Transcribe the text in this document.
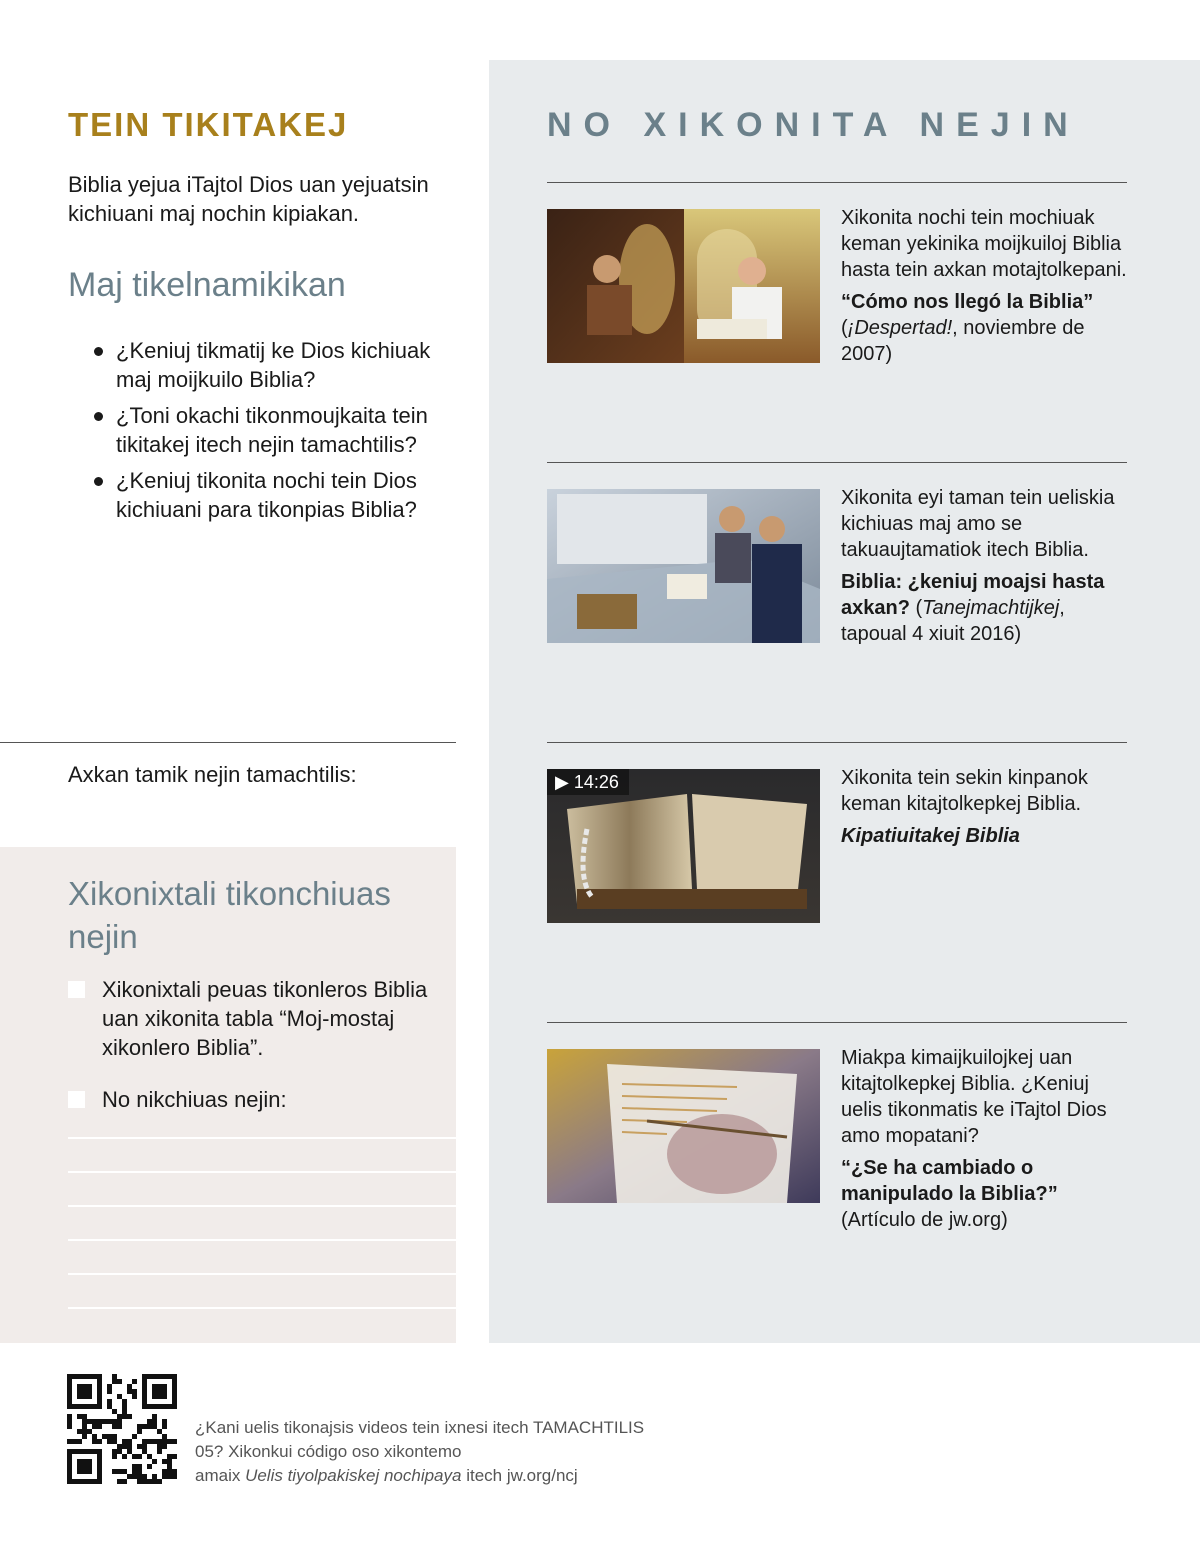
TEIN TIKITAKEJ

Biblia yejua iTajtol Dios uan yejuatsin kichiuani maj nochin kipiakan.

Maj tikelnamikikan
¿Keniuj tikmatij ke Dios kichiuak maj moijkuilo Biblia?
¿Toni okachi tikonmoujkaita tein tikitakej itech nejin tamachtilis?
¿Keniuj tikonita nochi tein Dios kichiuani para tikonpias Biblia?

Axkan tamik nejin tamachtilis:

Xikonixtali tikonchiuas nejin
Xikonixtali peuas tikonleros Biblia uan xikonita tabla “Moj-mostaj xikonlero Biblia”.
No nikchiuas nejin:
NO XIKONITA NEJIN

Xikonita nochi tein mochiuak keman yekinika moijkuiloj Biblia hasta tein axkan motajtolkepani.

“Cómo nos llegó la Biblia”

(¡Despertad!, noviembre de 2007)

Xikonita eyi taman tein ueliskia kichiuas maj amo se takuaujtamatiok itech Biblia.

Biblia: ¿keniuj moajsi hasta axkan? (Tanejmachtijkej, tapoual 4 xiuit 2016)

▶ 14:26	Xikonita tein sekin kinpanok keman kitajtolkepkej Biblia.

Kipatiuitakej Biblia

Miakpa kimaijkuilojkej uan kitajtolkepkej Biblia. ¿Keniuj uelis tikonmatis ke iTajtol Dios amo mopatani?

“¿Se ha cambiado o manipulado la Biblia?”

(Artículo de jw.org)

¿Kani uelis tikonajsis videos tein ixnesi itech TAMACHTILIS 05? Xikonkui código oso xikontemo
amaix Uelis tiyolpakiskej nochipaya itech jw.org/ncj
